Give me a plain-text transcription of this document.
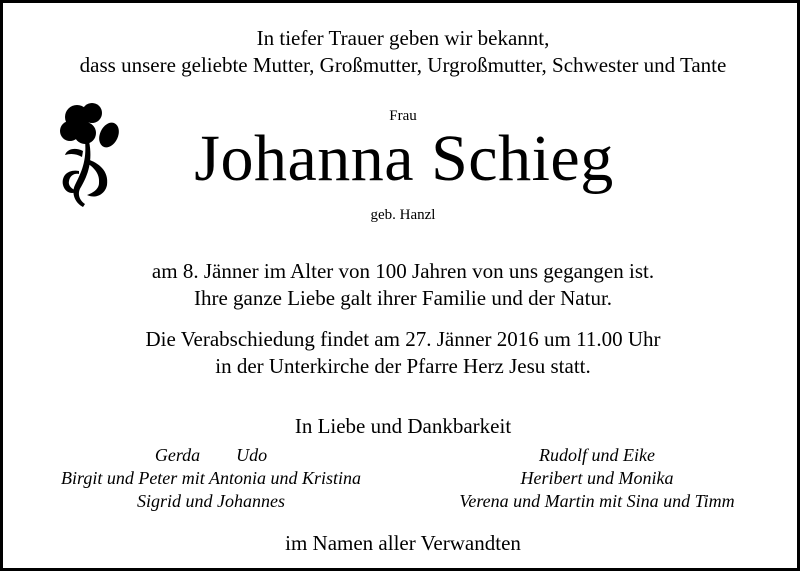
In tiefer Trauer geben wir bekannt,
dass unsere geliebte Mutter, Großmutter, Urgroßmutter, Schwester und Tante
Frau
Johanna Schieg
geb. Hanzl
am 8. Jänner im Alter von 100 Jahren von uns gegangen ist.
Ihre ganze Liebe galt ihrer Familie und der Natur.
Die Verabschiedung findet am 27. Jänner 2016 um 11.00 Uhr
in der Unterkirche der Pfarre Herz Jesu statt.
In Liebe und Dankbarkeit
Gerda Udo
Birgit und Peter mit Antonia und Kristina
Sigrid und Johannes
Rudolf und Eike
Heribert und Monika
Verena und Martin mit Sina und Timm
im Namen aller Verwandten
